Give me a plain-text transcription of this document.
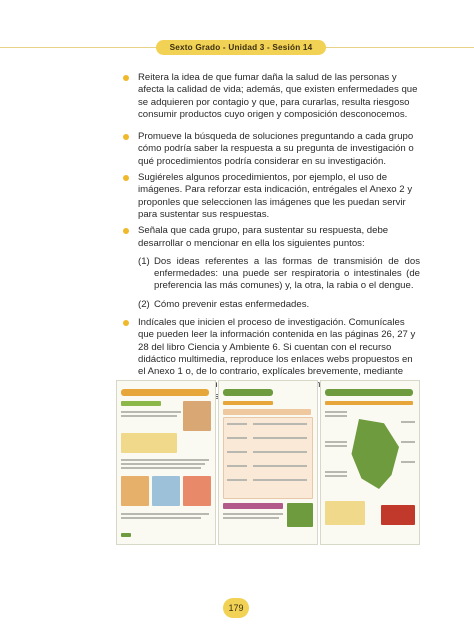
Sexto Grado - Unidad 3 - Sesión 14
Reitera la idea de que fumar daña la salud de las personas y afecta la calidad de vida; además, que existen enfermedades que se adquieren por contagio y que, para curarlas, resulta riesgoso consumir productos cuyo origen y composición desconocemos.
Promueve la búsqueda de soluciones preguntando a cada grupo cómo podría saber la respuesta a su pregunta de investigación o qué procedimientos podría considerar en su investigación.
Sugiéreles algunos procedimientos, por ejemplo, el uso de imágenes. Para reforzar esta indicación, entrégales el Anexo 2 y proponles que seleccionen las imágenes que les puedan servir para sustentar sus respuestas.
Señala que cada grupo, para sustentar su respuesta, debe desarrollar o mencionar en ella los siguientes puntos:
(1) Dos ideas referentes a las formas de transmisión de dos enfermedades: una puede ser respiratoria o intestinales (de preferencia las más comunes) y, la otra, la rabia o el dengue.
(2) Cómo prevenir estas enfermedades.
Indícales que inicien el proceso de investigación. Comunícales que pueden leer la información contenida en las páginas 26, 27 y 28 del libro Ciencia y Ambiente 6. Si cuentan con el recurso didáctico multimedia, reproduce los enlaces webs propuestos en el Anexo 1 o, de lo contrario, explícales brevemente, mediante
179
